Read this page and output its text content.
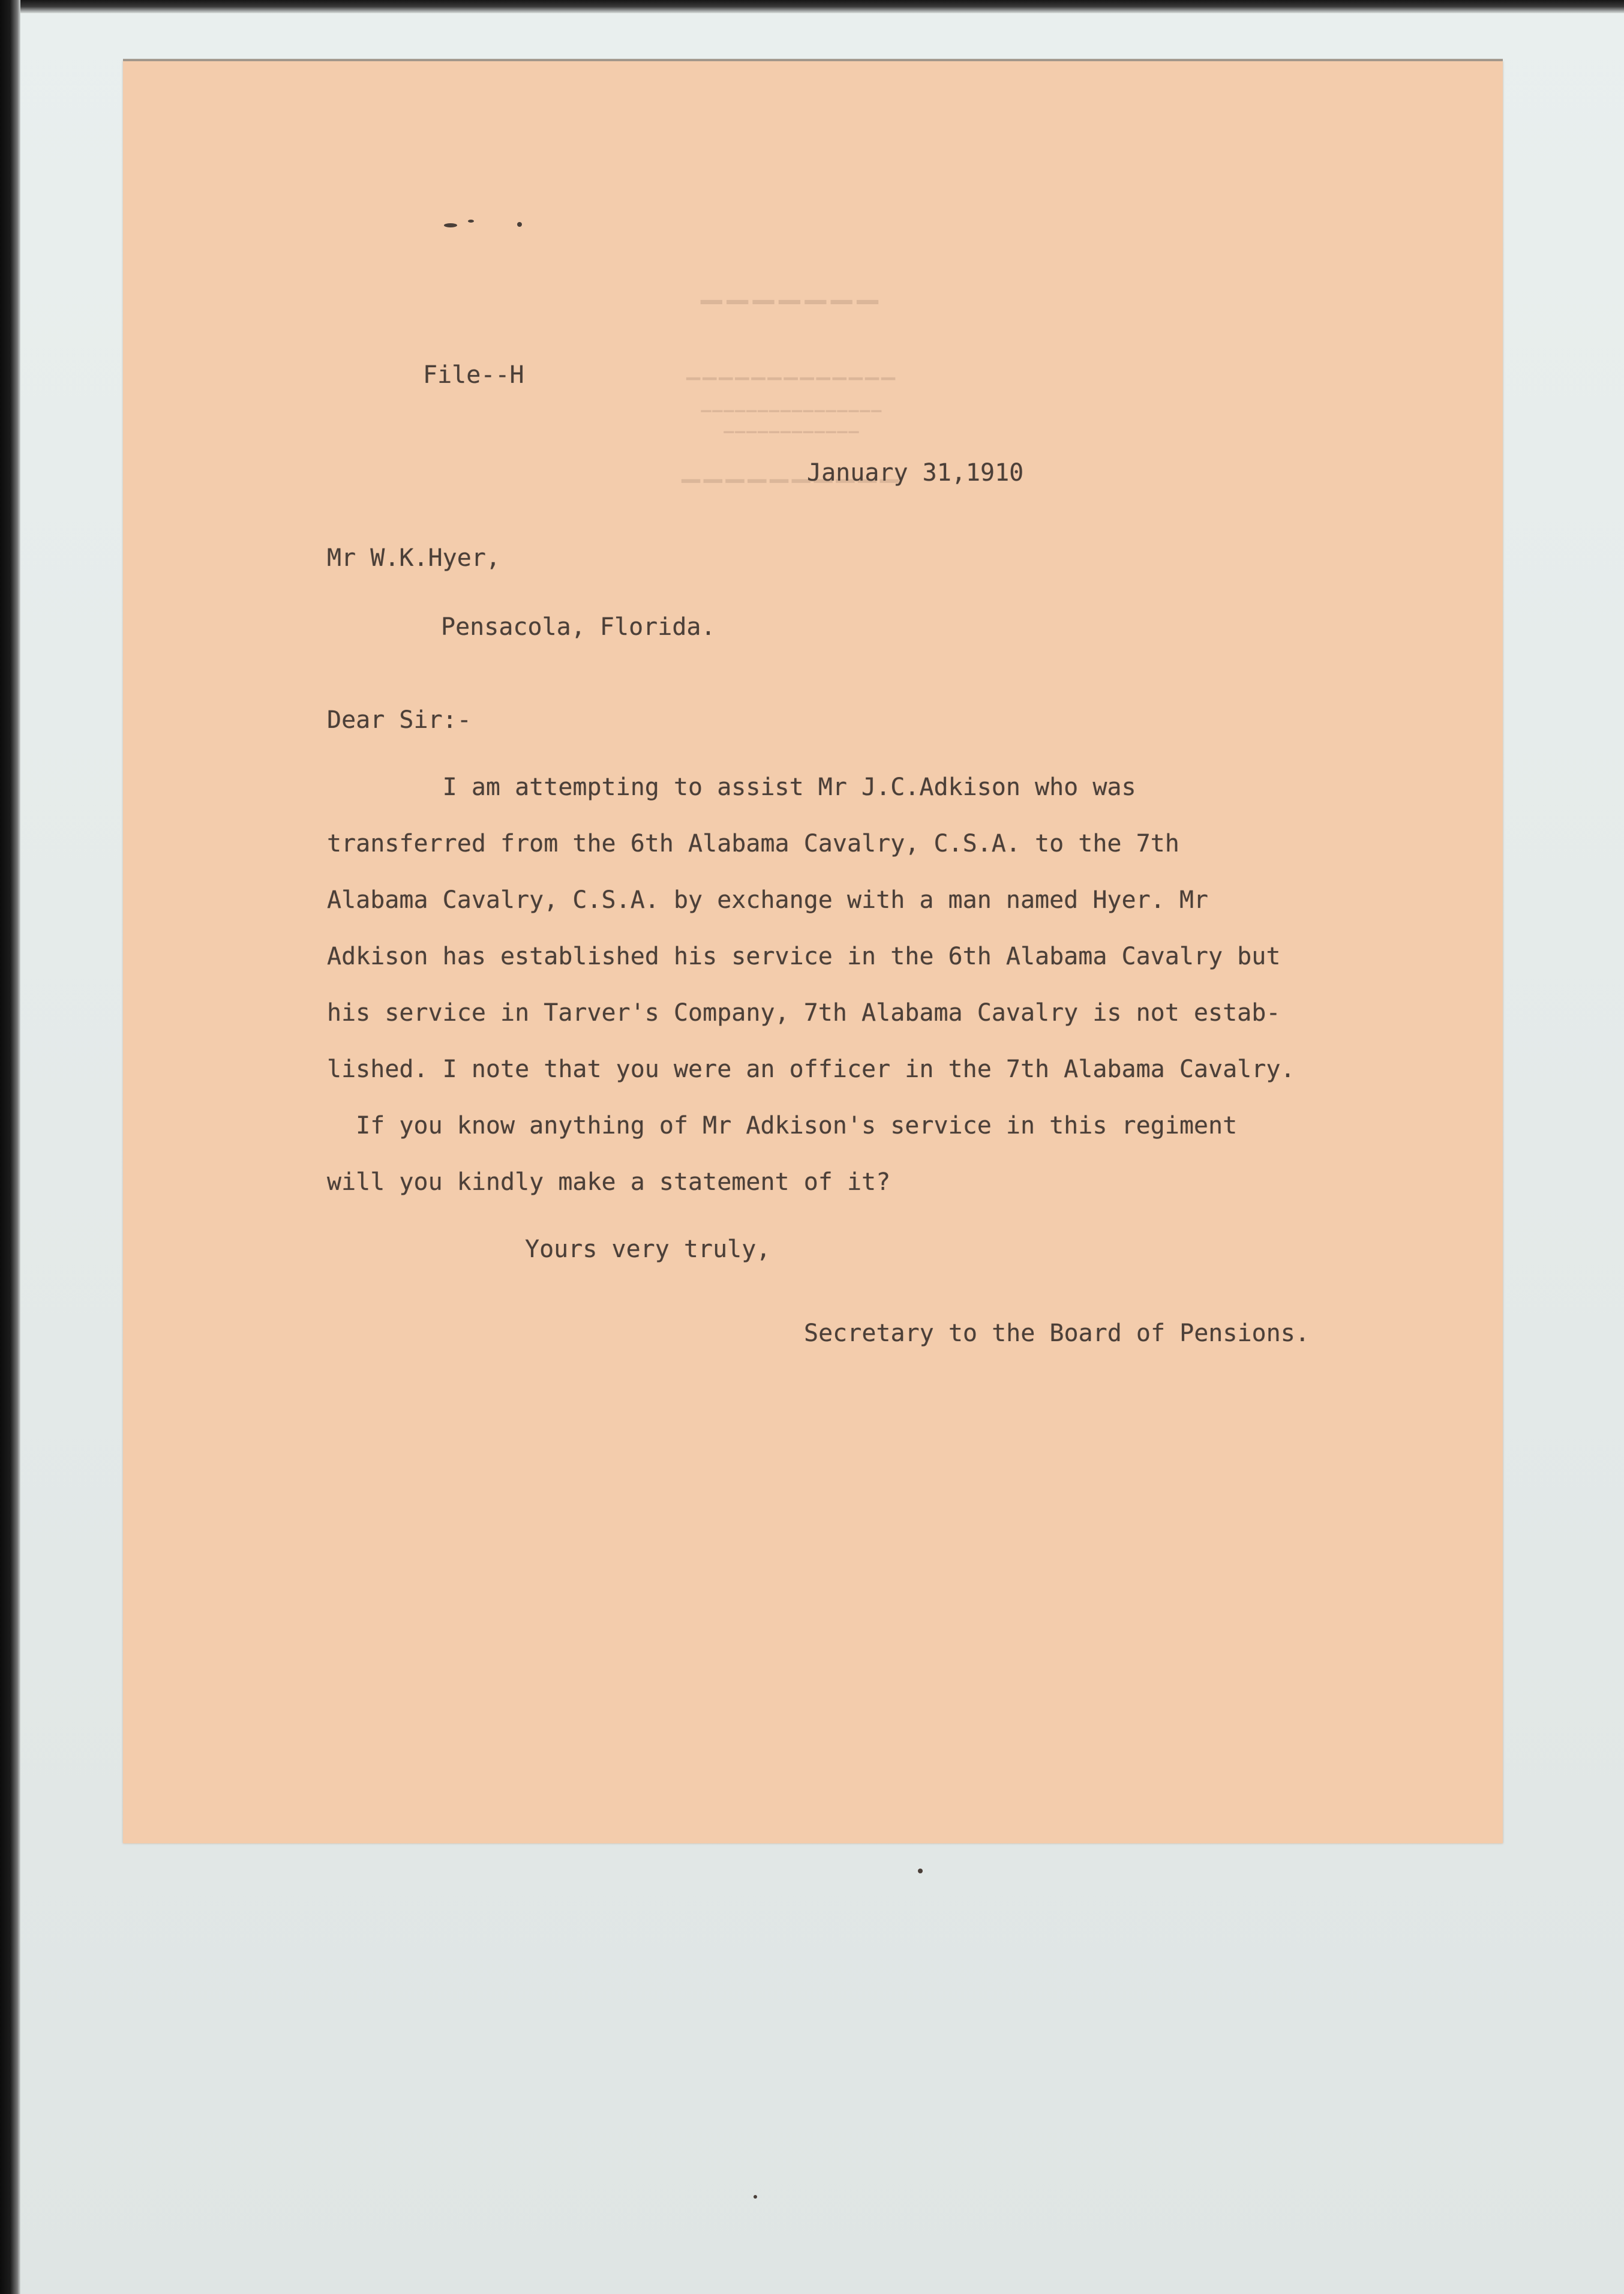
▔▔▔▔▔▔▔
▔▔▔▔▔▔▔▔▔▔▔▔▔
▔▔▔▔▔▔▔▔▔▔▔▔▔▔▔▔
▔▔▔▔▔▔▔▔▔▔▔▔
▔▔▔▔▔▔▔▔▔▔
File--H
January 31,1910
Mr W.K.Hyer,
Pensacola, Florida.
Dear Sir:-
I am attempting to assist Mr J.C.Adkison who was
transferred from the 6th Alabama Cavalry, C.S.A. to the 7th
Alabama Cavalry, C.S.A. by exchange with a man named Hyer. Mr
Adkison has established his service in the 6th Alabama Cavalry but
his service in Tarver's Company, 7th Alabama Cavalry is not estab-
lished. I note that you were an officer in the 7th Alabama Cavalry.
If you know anything of Mr Adkison's service in this regiment
will you kindly make a statement of it?
Yours very truly,
Secretary to the Board of Pensions.
